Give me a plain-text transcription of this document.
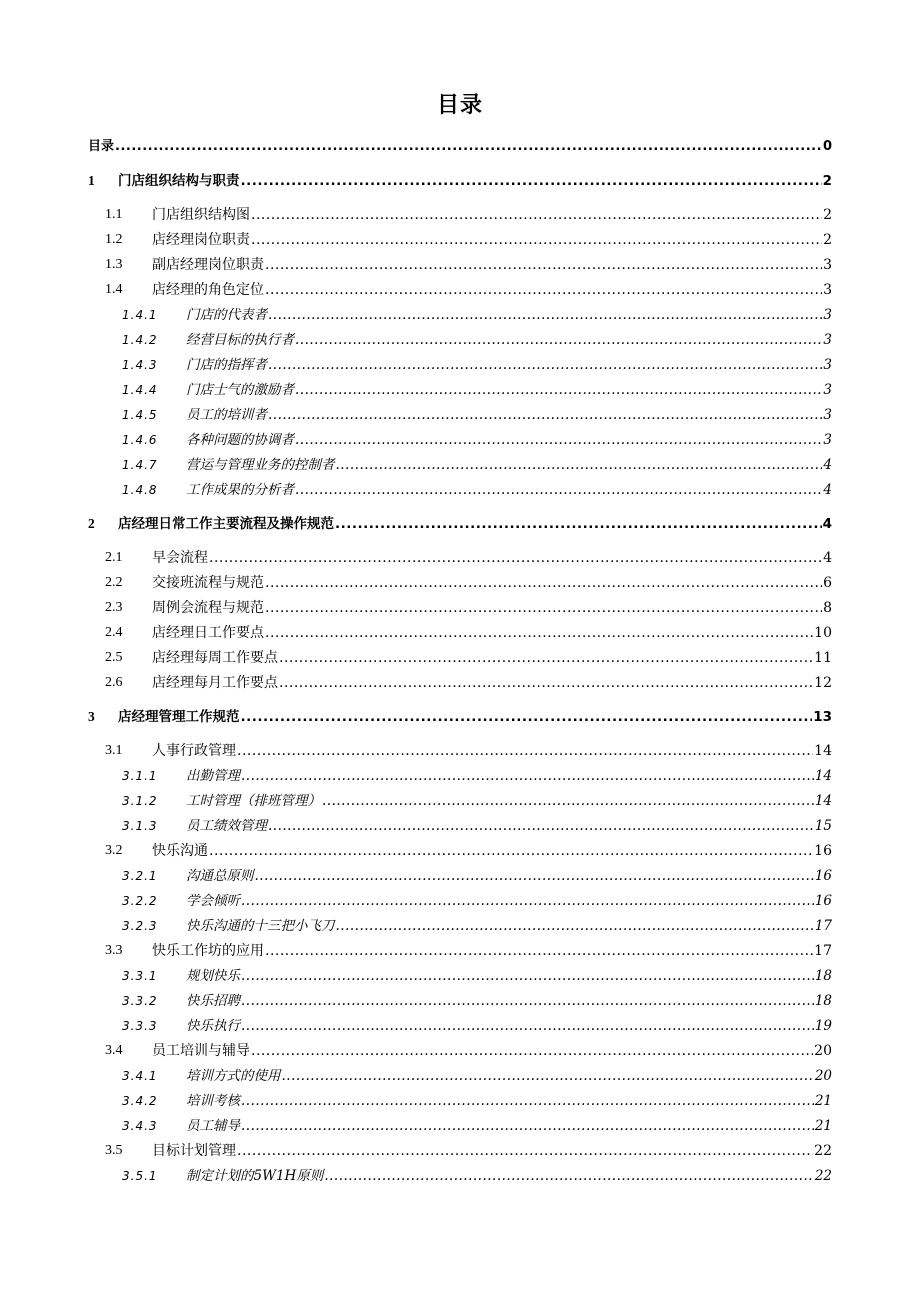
目录
目录 .....	0
1	门店组织结构与职责 .....	2
1.1	门店组织结构图 .....	2
1.2	店经理岗位职责 .....	2
1.3	副店经理岗位职责 .....	3
1.4	店经理的角色定位 .....	3
1.4.1	门店的代表者 .....	3
1.4.2	经营目标的执行者 .....	3
1.4.3	门店的指挥者 .....	3
1.4.4	门店士气的激励者 .....	3
1.4.5	员工的培训者 .....	3
1.4.6	各种问题的协调者 .....	3
1.4.7	营运与管理业务的控制者 .....	4
1.4.8	工作成果的分析者 .....	4
2	店经理日常工作主要流程及操作规范 .....	4
2.1	早会流程 .....	4
2.2	交接班流程与规范 .....	6
2.3	周例会流程与规范 .....	8
2.4	店经理日工作要点 .....	10
2.5	店经理每周工作要点 .....	11
2.6	店经理每月工作要点 .....	12
3	店经理管理工作规范 .....	13
3.1	人事行政管理 .....	14
3.1.1	出勤管理 .....	14
3.1.2	工时管理（排班管理） .....	14
3.1.3	员工绩效管理 .....	15
3.2	快乐沟通 .....	16
3.2.1	沟通总原则 .....	16
3.2.2	学会倾听 .....	16
3.2.3	快乐沟通的十三把小飞刀 .....	17
3.3	快乐工作坊的应用 .....	17
3.3.1	规划快乐 .....	18
3.3.2	快乐招聘 .....	18
3.3.3	快乐执行 .....	19
3.4	员工培训与辅导 .....	20
3.4.1	培训方式的使用 .....	20
3.4.2	培训考核 .....	21
3.4.3	员工辅导 .....	21
3.5	目标计划管理 .....	22
3.5.1	制定计划的5W1H原则 .....	22
